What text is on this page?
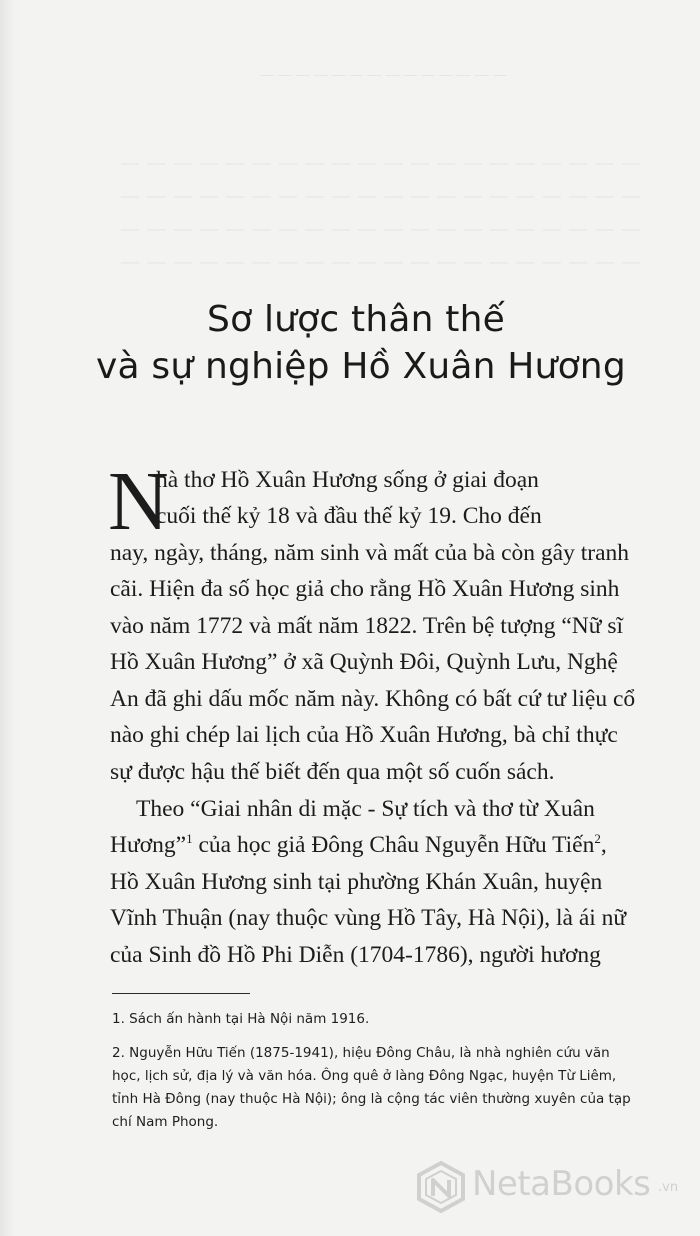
— — — — — — — — — — — — — —
— — — — — — — — — — — — — — — — — — — —
— — — — — — — — — — — — — — — — — — — —
— — — — — — — — — — — — — — — — — — — —
— — — — — — — — — — — — — — — — — — — —
Sơ lược thân thế
và sự nghiệp Hồ Xuân Hương
N
hà thơ Hồ Xuân Hương sống ở giai đoạn
cuối thế kỷ 18 và đầu thế kỷ 19. Cho đến
nay, ngày, tháng, năm sinh và mất của bà còn gây tranh
cãi. Hiện đa số học giả cho rằng Hồ Xuân Hương sinh
vào năm 1772 và mất năm 1822. Trên bệ tượng “Nữ sĩ
Hồ Xuân Hương” ở xã Quỳnh Đôi, Quỳnh Lưu, Nghệ
An đã ghi dấu mốc năm này. Không có bất cứ tư liệu cổ
nào ghi chép lai lịch của Hồ Xuân Hương, bà chỉ thực
sự được hậu thế biết đến qua một số cuốn sách.
Theo “Giai nhân di mặc - Sự tích và thơ từ Xuân
Hương”$^1$ của học giả Đông Châu Nguyễn Hữu Tiến$^2$,
Hồ Xuân Hương sinh tại phường Khán Xuân, huyện
Vĩnh Thuận (nay thuộc vùng Hồ Tây, Hà Nội), là ái nữ
của Sinh đồ Hồ Phi Diễn (1704-1786), người hương
1. Sách ấn hành tại Hà Nội năm 1916.
2. Nguyễn Hữu Tiến (1875-1941), hiệu Đông Châu, là nhà nghiên cứu văn
học, lịch sử, địa lý và văn hóa. Ông quê ở làng Đông Ngạc, huyện Từ Liêm,
tỉnh Hà Đông (nay thuộc Hà Nội); ông là cộng tác viên thường xuyên của tạp
chí Nam Phong.
NetaBooks .vn
